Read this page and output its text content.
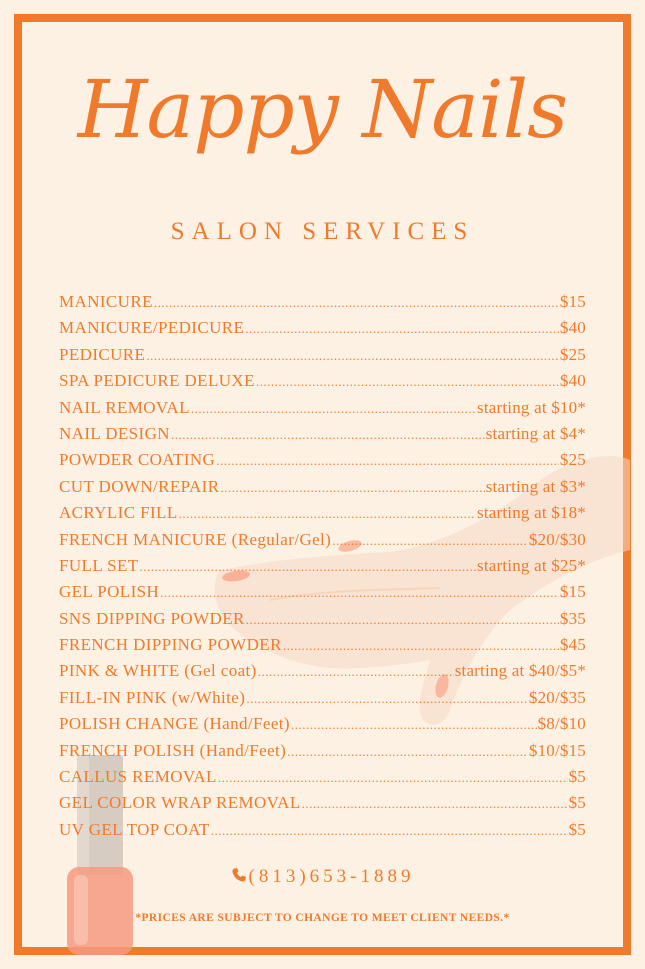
Happy Nails
SALON SERVICES
MANICURE .....	$15
MANICURE/PEDICURE .....	$40
PEDICURE .....	$25
SPA PEDICURE DELUXE .....	$40
NAIL REMOVAL .....	starting at $10*
NAIL DESIGN .....	starting at $4*
POWDER COATING .....	$25
CUT DOWN/REPAIR .....	starting at $3*
ACRYLIC FILL .....	starting at $18*
FRENCH MANICURE (Regular/Gel) .....	$20/$30
FULL SET .....	starting at $25*
GEL POLISH .....	$15
SNS DIPPING POWDER .....	$35
FRENCH DIPPING POWDER .....	$45
PINK & WHITE (Gel coat) .....	starting at $40/$5*
FILL-IN PINK (w/White) .....	$20/$35
POLISH CHANGE (Hand/Feet) .....	$8/$10
FRENCH POLISH (Hand/Feet) .....	$10/$15
CALLUS REMOVAL .....	$5
GEL COLOR WRAP REMOVAL .....	$5
UV GEL TOP COAT .....	$5
(813)653-1889
*PRICES ARE SUBJECT TO CHANGE TO MEET CLIENT NEEDS.*
